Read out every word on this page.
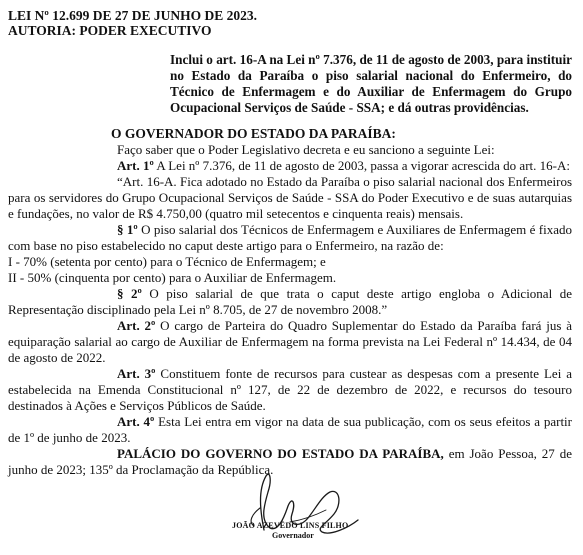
LEI Nº 12.699 DE 27 DE JUNHO DE 2023.
AUTORIA: PODER EXECUTIVO
Inclui o art. 16-A na Lei nº 7.376, de 11 de agosto de 2003, para instituir no Estado da Paraíba o piso salarial nacional do Enfermeiro, do Técnico de Enfermagem e do Auxiliar de Enfermagem do Grupo Ocupacional Serviços de Saúde - SSA; e dá outras providências.

O GOVERNADOR DO ESTADO DA PARAÍBA:

Faço saber que o Poder Legislativo decreta e eu sanciono a seguinte Lei:

Art. 1º A Lei nº 7.376, de 11 de agosto de 2003, passa a vigorar acrescida do art. 16-A:

“Art. 16-A. Fica adotado no Estado da Paraíba o piso salarial nacional dos Enfermeiros para os servidores do Grupo Ocupacional Serviços de Saúde - SSA do Poder Executivo e de suas autarquias e fundações, no valor de R$ 4.750,00 (quatro mil setecentos e cinquenta reais) mensais.

§ 1º O piso salarial dos Técnicos de Enfermagem e Auxiliares de Enfermagem é fixado com base no piso estabelecido no caput deste artigo para o Enfermeiro, na razão de:

I - 70% (setenta por cento) para o Técnico de Enfermagem; e

II - 50% (cinquenta por cento) para o Auxiliar de Enfermagem.

§ 2º O piso salarial de que trata o caput deste artigo engloba o Adicional de Representação disciplinado pela Lei nº 8.705, de 27 de novembro 2008.”

Art. 2º O cargo de Parteira do Quadro Suplementar do Estado da Paraíba fará jus à equiparação salarial ao cargo de Auxiliar de Enfermagem na forma prevista na Lei Federal nº 14.434, de 04 de agosto de 2022.

Art. 3º Constituem fonte de recursos para custear as despesas com a presente Lei a estabelecida na Emenda Constitucional nº 127, de 22 de dezembro de 2022, e recursos do tesouro destinados à Ações e Serviços Públicos de Saúde.

Art. 4º Esta Lei entra em vigor na data de sua publicação, com os seus efeitos a partir de 1º de junho de 2023.

PALÁCIO DO GOVERNO DO ESTADO DA PARAÍBA, em João Pessoa, 27 de junho de 2023; 135º da Proclamação da República.

JOÃO AZEVÊDO LINS FILHO
Governador
